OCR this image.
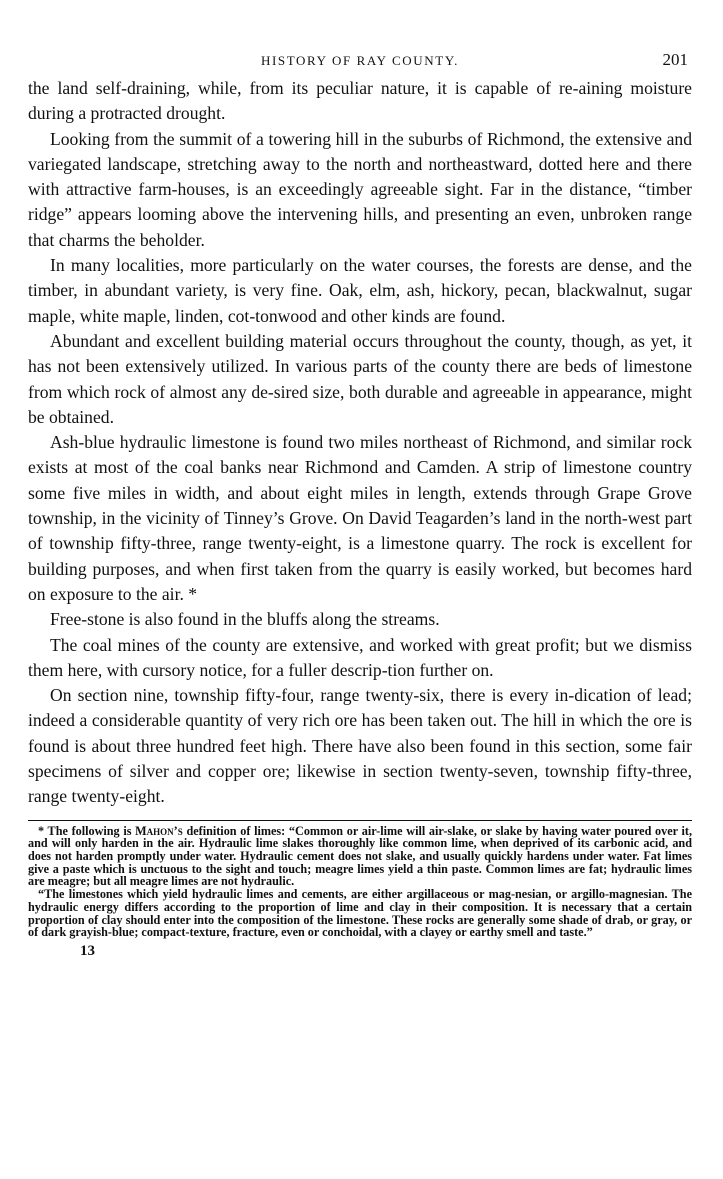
HISTORY OF RAY COUNTY.	201

the land self-draining, while, from its peculiar nature, it is capable of re-aining moisture during a protracted drought.

Looking from the summit of a towering hill in the suburbs of Richmond, the extensive and variegated landscape, stretching away to the north and northeastward, dotted here and there with attractive farm-houses, is an exceedingly agreeable sight. Far in the distance, “timber ridge” appears looming above the intervening hills, and presenting an even, unbroken range that charms the beholder.

In many localities, more particularly on the water courses, the forests are dense, and the timber, in abundant variety, is very fine. Oak, elm, ash, hickory, pecan, blackwalnut, sugar maple, white maple, linden, cot-tonwood and other kinds are found.

Abundant and excellent building material occurs throughout the county, though, as yet, it has not been extensively utilized. In various parts of the county there are beds of limestone from which rock of almost any de-sired size, both durable and agreeable in appearance, might be obtained.

Ash-blue hydraulic limestone is found two miles northeast of Richmond, and similar rock exists at most of the coal banks near Richmond and Camden. A strip of limestone country some five miles in width, and about eight miles in length, extends through Grape Grove township, in the vicinity of Tinney’s Grove. On David Teagarden’s land in the north-west part of township fifty-three, range twenty-eight, is a limestone quarry. The rock is excellent for building purposes, and when first taken from the quarry is easily worked, but becomes hard on exposure to the air. *

Free-stone is also found in the bluffs along the streams.

The coal mines of the county are extensive, and worked with great profit; but we dismiss them here, with cursory notice, for a fuller descrip-tion further on.

On section nine, township fifty-four, range twenty-six, there is every in-dication of lead; indeed a considerable quantity of very rich ore has been taken out. The hill in which the ore is found is about three hundred feet high. There have also been found in this section, some fair specimens of silver and copper ore; likewise in section twenty-seven, township fifty-three, range twenty-eight.

* The following is Mahon’s definition of limes: “Common or air-lime will air-slake, or slake by having water poured over it, and will only harden in the air. Hydraulic lime slakes thoroughly like common lime, when deprived of its carbonic acid, and does not harden promptly under water. Hydraulic cement does not slake, and usually quickly hardens under water. Fat limes give a paste which is unctuous to the sight and touch; meagre limes yield a thin paste. Common limes are fat; hydraulic limes are meagre; but all meagre limes are not hydraulic.

“The limestones which yield hydraulic limes and cements, are either argillaceous or mag-nesian, or argillo-magnesian. The hydraulic energy differs according to the proportion of lime and clay in their composition. It is necessary that a certain proportion of clay should enter into the composition of the limestone. These rocks are generally some shade of drab, or gray, or of dark grayish-blue; compact-texture, fracture, even or conchoidal, with a clayey or earthy smell and taste.”

13
